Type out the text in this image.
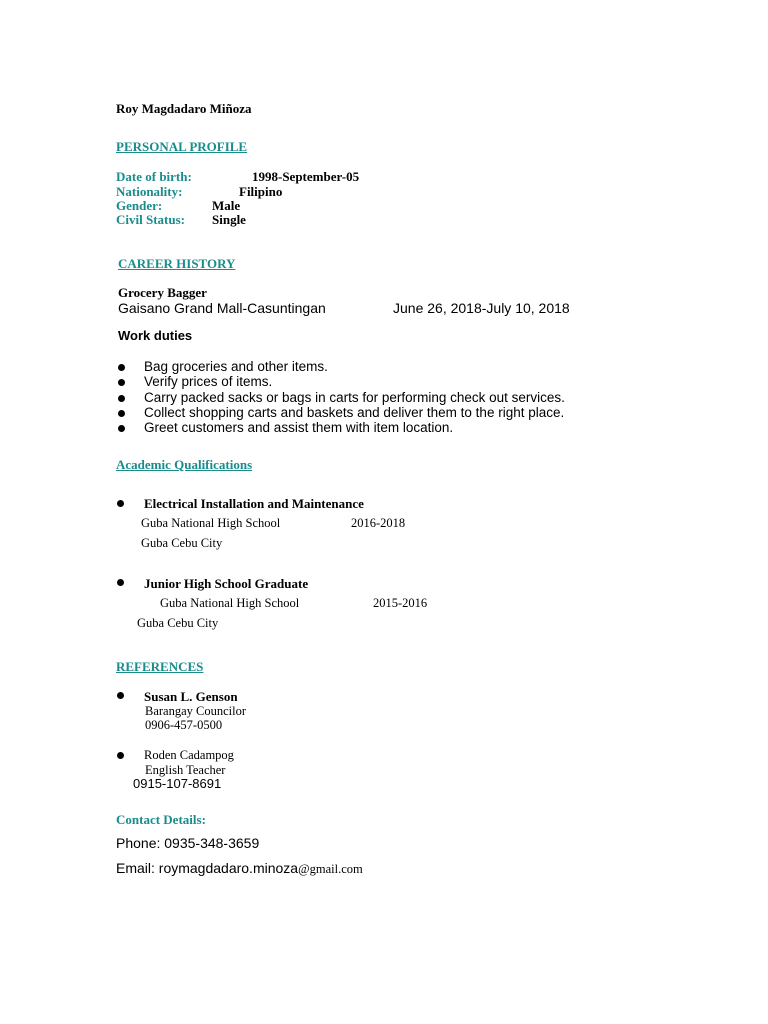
Roy Magdadaro Miñoza
PERSONAL PROFILE
Date of birth:	1998-September-05
Nationality:	Filipino
Gender:	Male
Civil Status: Single
CAREER HISTORY
Grocery Bagger
Gaisano Grand Mall-Casuntingan	June 26, 2018-July 10, 2018
Work duties
Bag groceries and other items.
Verify prices of items.
Carry packed sacks or bags in carts for performing check out services.
Collect shopping carts and baskets and deliver them to the right place.
Greet customers and assist them with item location.
Academic Qualifications
Electrical Installation and Maintenance
Guba National High School	2016-2018
Guba Cebu City
Junior High School Graduate
Guba National High School	2015-2016
Guba Cebu City
REFERENCES
Susan L. Genson
Barangay Councilor
0906-457-0500
Roden Cadampog
English Teacher
0915-107-8691
Contact Details:
Phone: 0935-348-3659
Email: roymagdadaro.minoza@gmail.com
